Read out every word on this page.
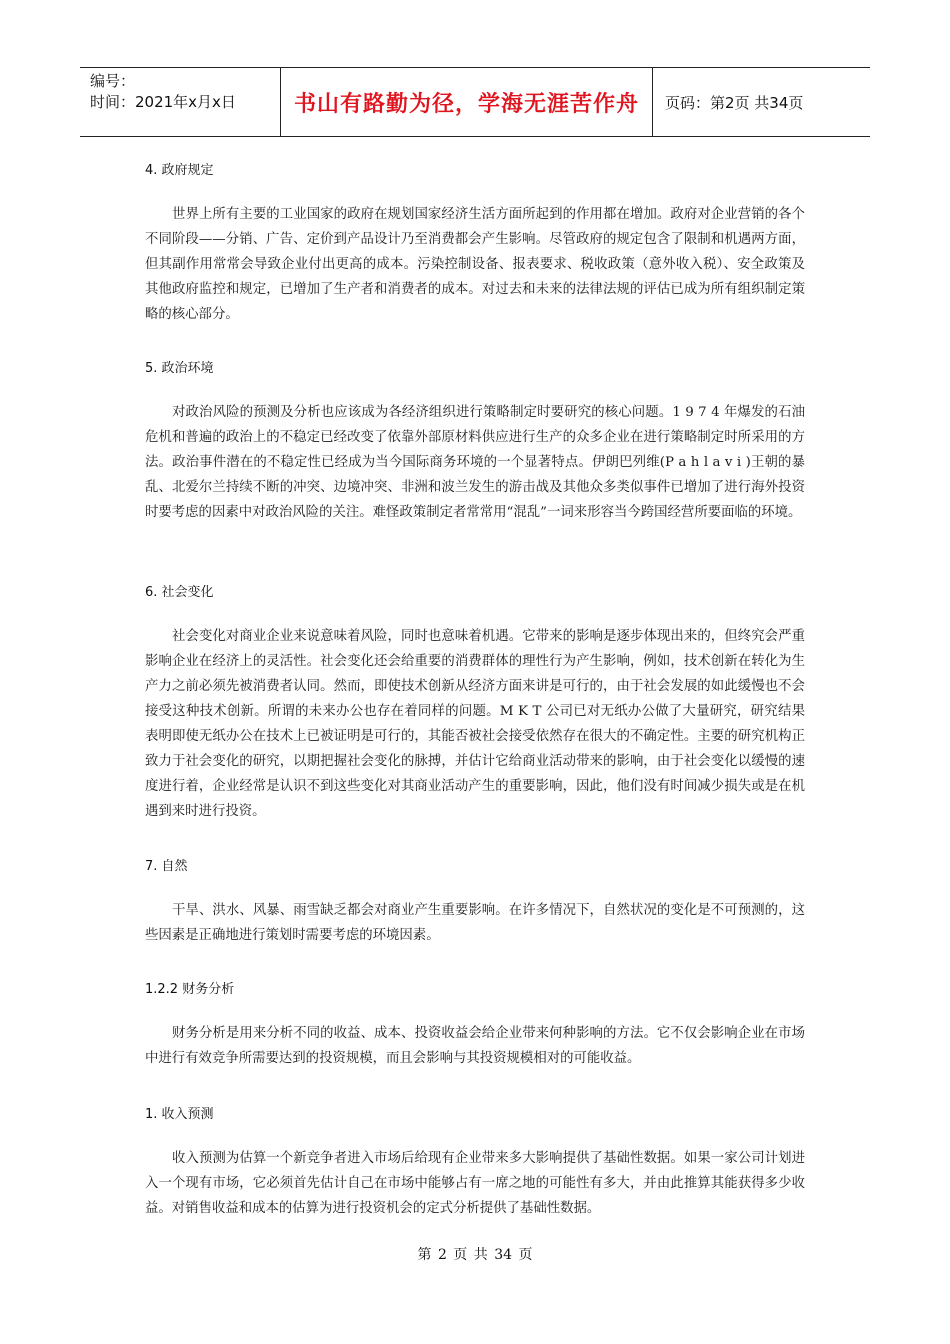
编号：
时间：2021年x月x日	书山有路勤为径，学海无涯苦作舟	页码：第2页 共34页
4. 政府规定

世界上所有主要的工业国家的政府在规划国家经济生活方面所起到的作用都在增加。政府对企业营销的各个不同阶段——分销、广告、定价到产品设计乃至消费都会产生影响。尽管政府的规定包含了限制和机遇两方面，但其副作用常常会导致企业付出更高的成本。污染控制设备、报表要求、税收政策（意外收入税）、安全政策及其他政府监控和规定，已增加了生产者和消费者的成本。对过去和未来的法律法规的评估已成为所有组织制定策略的核心部分。

5. 政治环境

对政治风险的预测及分析也应该成为各经济组织进行策略制定时要研究的核心问题。1 9 7 4 年爆发的石油危机和普遍的政治上的不稳定已经改变了依靠外部原材料供应进行生产的众多企业在进行策略制定时所采用的方法。政治事件潜在的不稳定性已经成为当今国际商务环境的一个显著特点。伊朗巴列维(P a h l a v i )王朝的暴乱、北爱尔兰持续不断的冲突、边境冲突、非洲和波兰发生的游击战及其他众多类似事件已增加了进行海外投资时要考虑的因素中对政治风险的关注。难怪政策制定者常常用“混乱”一词来形容当今跨国经营所要面临的环境。

6. 社会变化

社会变化对商业企业来说意味着风险，同时也意味着机遇。它带来的影响是逐步体现出来的，但终究会严重影响企业在经济上的灵活性。社会变化还会给重要的消费群体的理性行为产生影响，例如，技术创新在转化为生产力之前必须先被消费者认同。然而，即使技术创新从经济方面来讲是可行的，由于社会发展的如此缓慢也不会接受这种技术创新。所谓的未来办公也存在着同样的问题。M K T 公司已对无纸办公做了大量研究，研究结果表明即使无纸办公在技术上已被证明是可行的，其能否被社会接受依然存在很大的不确定性。主要的研究机构正致力于社会变化的研究，以期把握社会变化的脉搏，并估计它给商业活动带来的影响，由于社会变化以缓慢的速度进行着，企业经常是认识不到这些变化对其商业活动产生的重要影响，因此，他们没有时间减少损失或是在机遇到来时进行投资。

7. 自然

干旱、洪水、风暴、雨雪缺乏都会对商业产生重要影响。在许多情况下，自然状况的变化是不可预测的，这些因素是正确地进行策划时需要考虑的环境因素。

1.2.2 财务分析

财务分析是用来分析不同的收益、成本、投资收益会给企业带来何种影响的方法。它不仅会影响企业在市场中进行有效竞争所需要达到的投资规模，而且会影响与其投资规模相对的可能收益。

1. 收入预测

收入预测为估算一个新竞争者进入市场后给现有企业带来多大影响提供了基础性数据。如果一家公司计划进入一个现有市场，它必须首先估计自己在市场中能够占有一席之地的可能性有多大，并由此推算其能获得多少收益。对销售收益和成本的估算为进行投资机会的定式分析提供了基础性数据。

第 2 页 共 34 页
